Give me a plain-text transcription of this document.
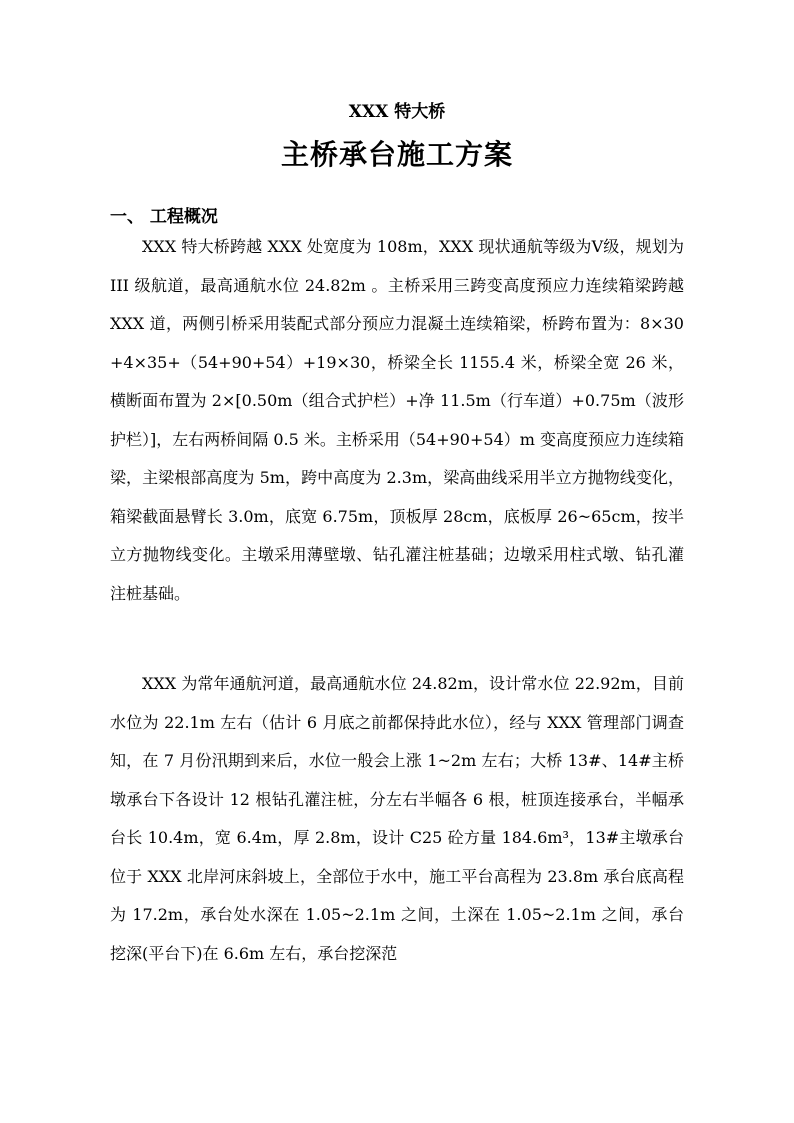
XXX 特大桥
主桥承台施工方案
一、 工程概况

XXX 特大桥跨越 XXX 处宽度为 108m，XXX 现状通航等级为Ⅴ级，规划为 III 级航道，最高通航水位 24.82m 。主桥采用三跨变高度预应力连续箱梁跨越 XXX 道，两侧引桥采用装配式部分预应力混凝土连续箱梁，桥跨布置为：8×30+4×35+（54+90+54）+19×30，桥梁全长 1155.4 米，桥梁全宽 26 米，横断面布置为 2×[0.50m（组合式护栏）+净 11.5m（行车道）+0.75m（波形护栏）]，左右两桥间隔 0.5 米。主桥采用（54+90+54）m 变高度预应力连续箱梁，主梁根部高度为 5m，跨中高度为 2.3m，梁高曲线采用半立方抛物线变化，箱梁截面悬臂长 3.0m，底宽 6.75m，顶板厚 28cm，底板厚 26~65cm，按半立方抛物线变化。主墩采用薄壁墩、钻孔灌注桩基础；边墩采用柱式墩、钻孔灌注桩基础。

XXX 为常年通航河道，最高通航水位 24.82m，设计常水位 22.92m，目前水位为 22.1m 左右（估计 6 月底之前都保持此水位），经与 XXX 管理部门调查知，在 7 月份汛期到来后，水位一般会上涨 1~2m 左右；大桥 13#、14#主桥墩承台下各设计 12 根钻孔灌注桩，分左右半幅各 6 根，桩顶连接承台，半幅承台长 10.4m，宽 6.4m，厚 2.8m，设计 C25 砼方量 184.6m³，13#主墩承台位于 XXX 北岸河床斜坡上，全部位于水中，施工平台高程为 23.8m 承台底高程为 17.2m，承台处水深在 1.05~2.1m 之间，土深在 1.05~2.1m 之间，承台挖深(平台下)在 6.6m 左右，承台挖深范
